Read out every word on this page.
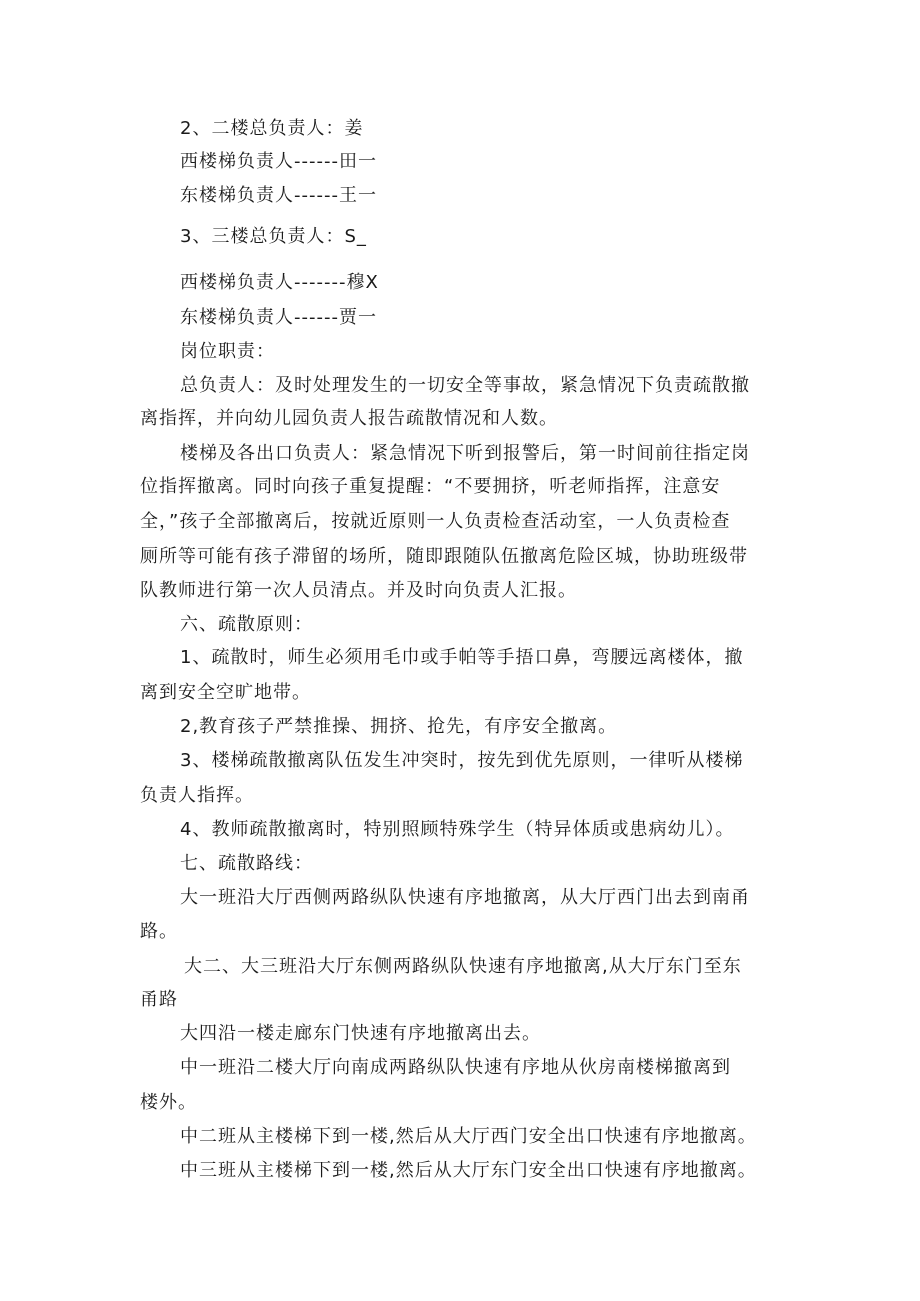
2、二楼总负责人：姜
西楼梯负责人------田一
东楼梯负责人------王一
3、三楼总负责人：S_
西楼梯负责人-------穆X
东楼梯负责人------贾一
岗位职责：
总负责人：及时处理发生的一切安全等事故，紧急情况下负责疏散撤
离指挥，并向幼儿园负责人报告疏散情况和人数。
楼梯及各出口负责人：紧急情况下听到报警后，第一时间前往指定岗
位指挥撤离。同时向孩子重复提醒：“不要拥挤，听老师指挥，注意安
全，”孩子全部撤离后，按就近原则一人负责检查活动室，一人负责检查
厕所等可能有孩子滞留的场所，随即跟随队伍撤离危险区城，协助班级带
队教师进行第一次人员清点。并及时向负责人汇报。
六、疏散原则：
1、疏散时，师生必须用毛巾或手帕等手捂口鼻，弯腰远离楼体，撤
离到安全空旷地带。
2,教育孩子严禁推操、拥挤、抢先，有序安全撤离。
3、楼梯疏散撤离队伍发生冲突时，按先到优先原则，一律听从楼梯
负责人指挥。
4、教师疏散撤离时，特别照顾特殊学生（特异体质或患病幼儿）。
七、疏散路线：
大一班沿大厅西侧两路纵队快速有序地撤离，从大厅西门出去到南甬
路。
大二、大三班沿大厅东侧两路纵队快速有序地撤离,从大厅东门至东
甬路
大四沿一楼走廊东门快速有序地撤离出去。
中一班沿二楼大厅向南成两路纵队快速有序地从伙房南楼梯撤离到
楼外。
中二班从主楼梯下到一楼,然后从大厅西门安全出口快速有序地撤离。
中三班从主楼梯下到一楼,然后从大厅东门安全出口快速有序地撤离。
